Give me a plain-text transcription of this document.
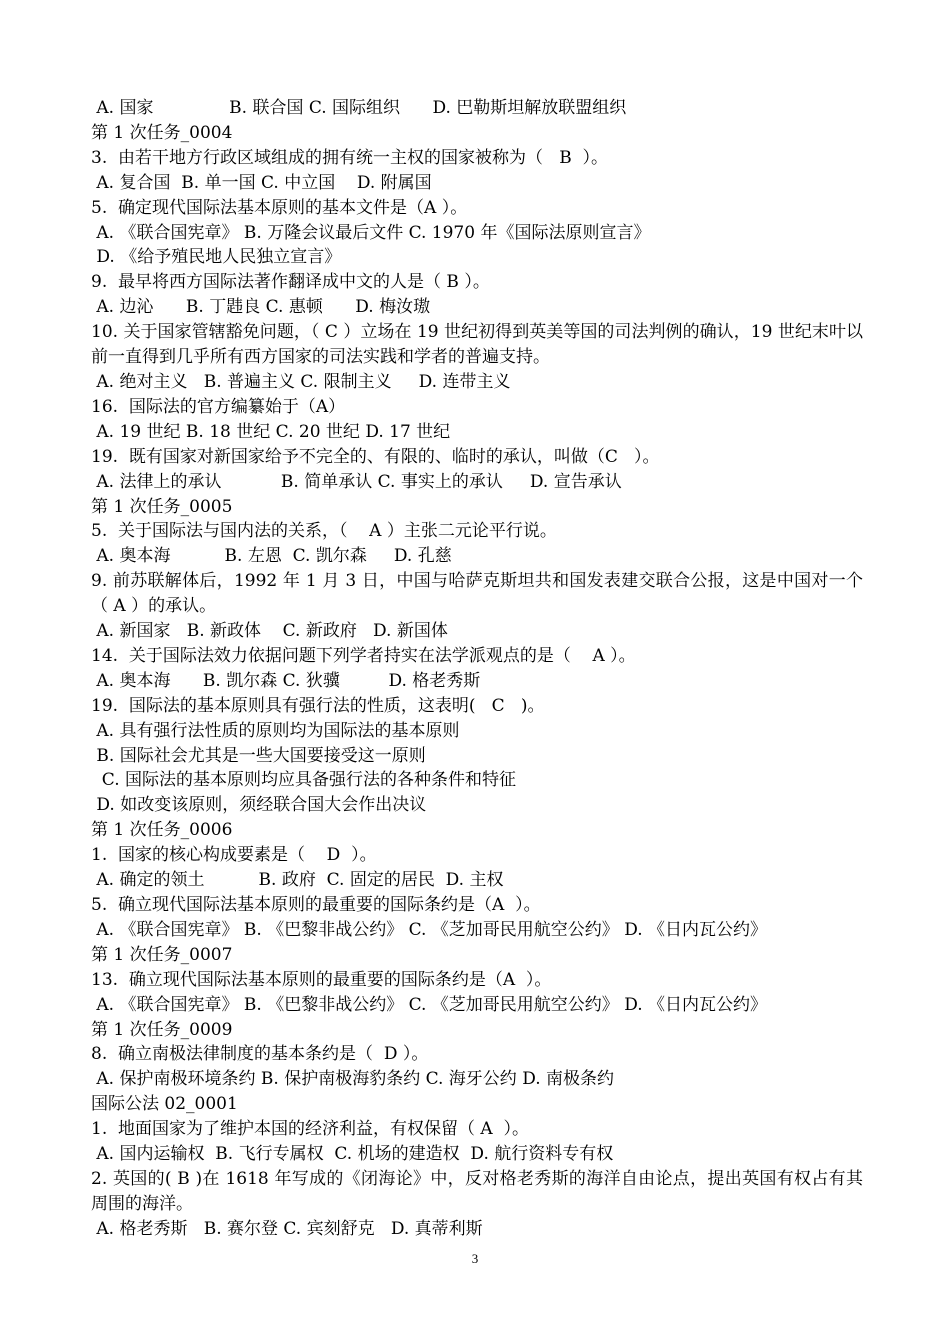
A. 国家              B. 联合国 C. 国际组织      D. 巴勒斯坦解放联盟组织

第 1 次任务_0004

3.  由若干地方行政区域组成的拥有统一主权的国家被称为（   B  ）。

A. 复合国  B. 单一国 C. 中立国    D. 附属国

5.  确定现代国际法基本原则的基本文件是（A ）。

A. 《联合国宪章》 B. 万隆会议最后文件 C. 1970 年《国际法原则宣言》

D. 《给予殖民地人民独立宣言》

9.  最早将西方国际法著作翻译成中文的人是（ B ）。

A. 边沁      B. 丁韪良 C. 惠顿      D. 梅汝璈

10. 关于国家管辖豁免问题，（ C ）立场在 19 世纪初得到英美等国的司法判例的确认，19 世纪末叶以前一直得到几乎所有西方国家的司法实践和学者的普遍支持。

A. 绝对主义   B. 普遍主义 C. 限制主义     D. 连带主义

16.  国际法的官方编纂始于（A）

A. 19 世纪 B. 18 世纪 C. 20 世纪 D. 17 世纪

19.  既有国家对新国家给予不完全的、有限的、临时的承认，叫做（C   ）。

A. 法律上的承认           B. 简单承认 C. 事实上的承认     D. 宣告承认

第 1 次任务_0005

5.  关于国际法与国内法的关系，（    A ）主张二元论平行说。

A. 奥本海          B. 左恩  C. 凯尔森     D. 孔慈

9. 前苏联解体后，1992 年 1 月 3 日，中国与哈萨克斯坦共和国发表建交联合公报，这是中国对一个（ A ）的承认。

A. 新国家   B. 新政体    C. 新政府   D. 新国体

14.  关于国际法效力依据问题下列学者持实在法学派观点的是（    A ）。

A. 奥本海      B. 凯尔森 C. 狄骥         D. 格老秀斯

19.  国际法的基本原则具有强行法的性质，这表明(   C   )。

A. 具有强行法性质的原则均为国际法的基本原则

B. 国际社会尤其是一些大国要接受这一原则

C. 国际法的基本原则均应具备强行法的各种条件和特征

D. 如改变该原则，须经联合国大会作出决议

第 1 次任务_0006

1.  国家的核心构成要素是（    D  ）。

A. 确定的领土          B. 政府  C. 固定的居民  D. 主权

5.  确立现代国际法基本原则的最重要的国际条约是（A  ）。

A. 《联合国宪章》 B. 《巴黎非战公约》 C. 《芝加哥民用航空公约》 D. 《日内瓦公约》

第 1 次任务_0007

13.  确立现代国际法基本原则的最重要的国际条约是（A  ）。

A. 《联合国宪章》 B. 《巴黎非战公约》 C. 《芝加哥民用航空公约》 D. 《日内瓦公约》

第 1 次任务_0009

8.  确立南极法律制度的基本条约是（  D ）。

A. 保护南极环境条约 B. 保护南极海豹条约 C. 海牙公约 D. 南极条约

国际公法 02_0001

1.  地面国家为了维护本国的经济利益，有权保留（ A  ）。

A. 国内运输权  B. 飞行专属权  C. 机场的建造权  D. 航行资料专有权

2. 英国的( B )在 1618 年写成的《闭海论》中，反对格老秀斯的海洋自由论点，提出英国有权占有其周围的海洋。

A. 格老秀斯   B. 赛尔登 C. 宾刻舒克   D. 真蒂利斯

3
